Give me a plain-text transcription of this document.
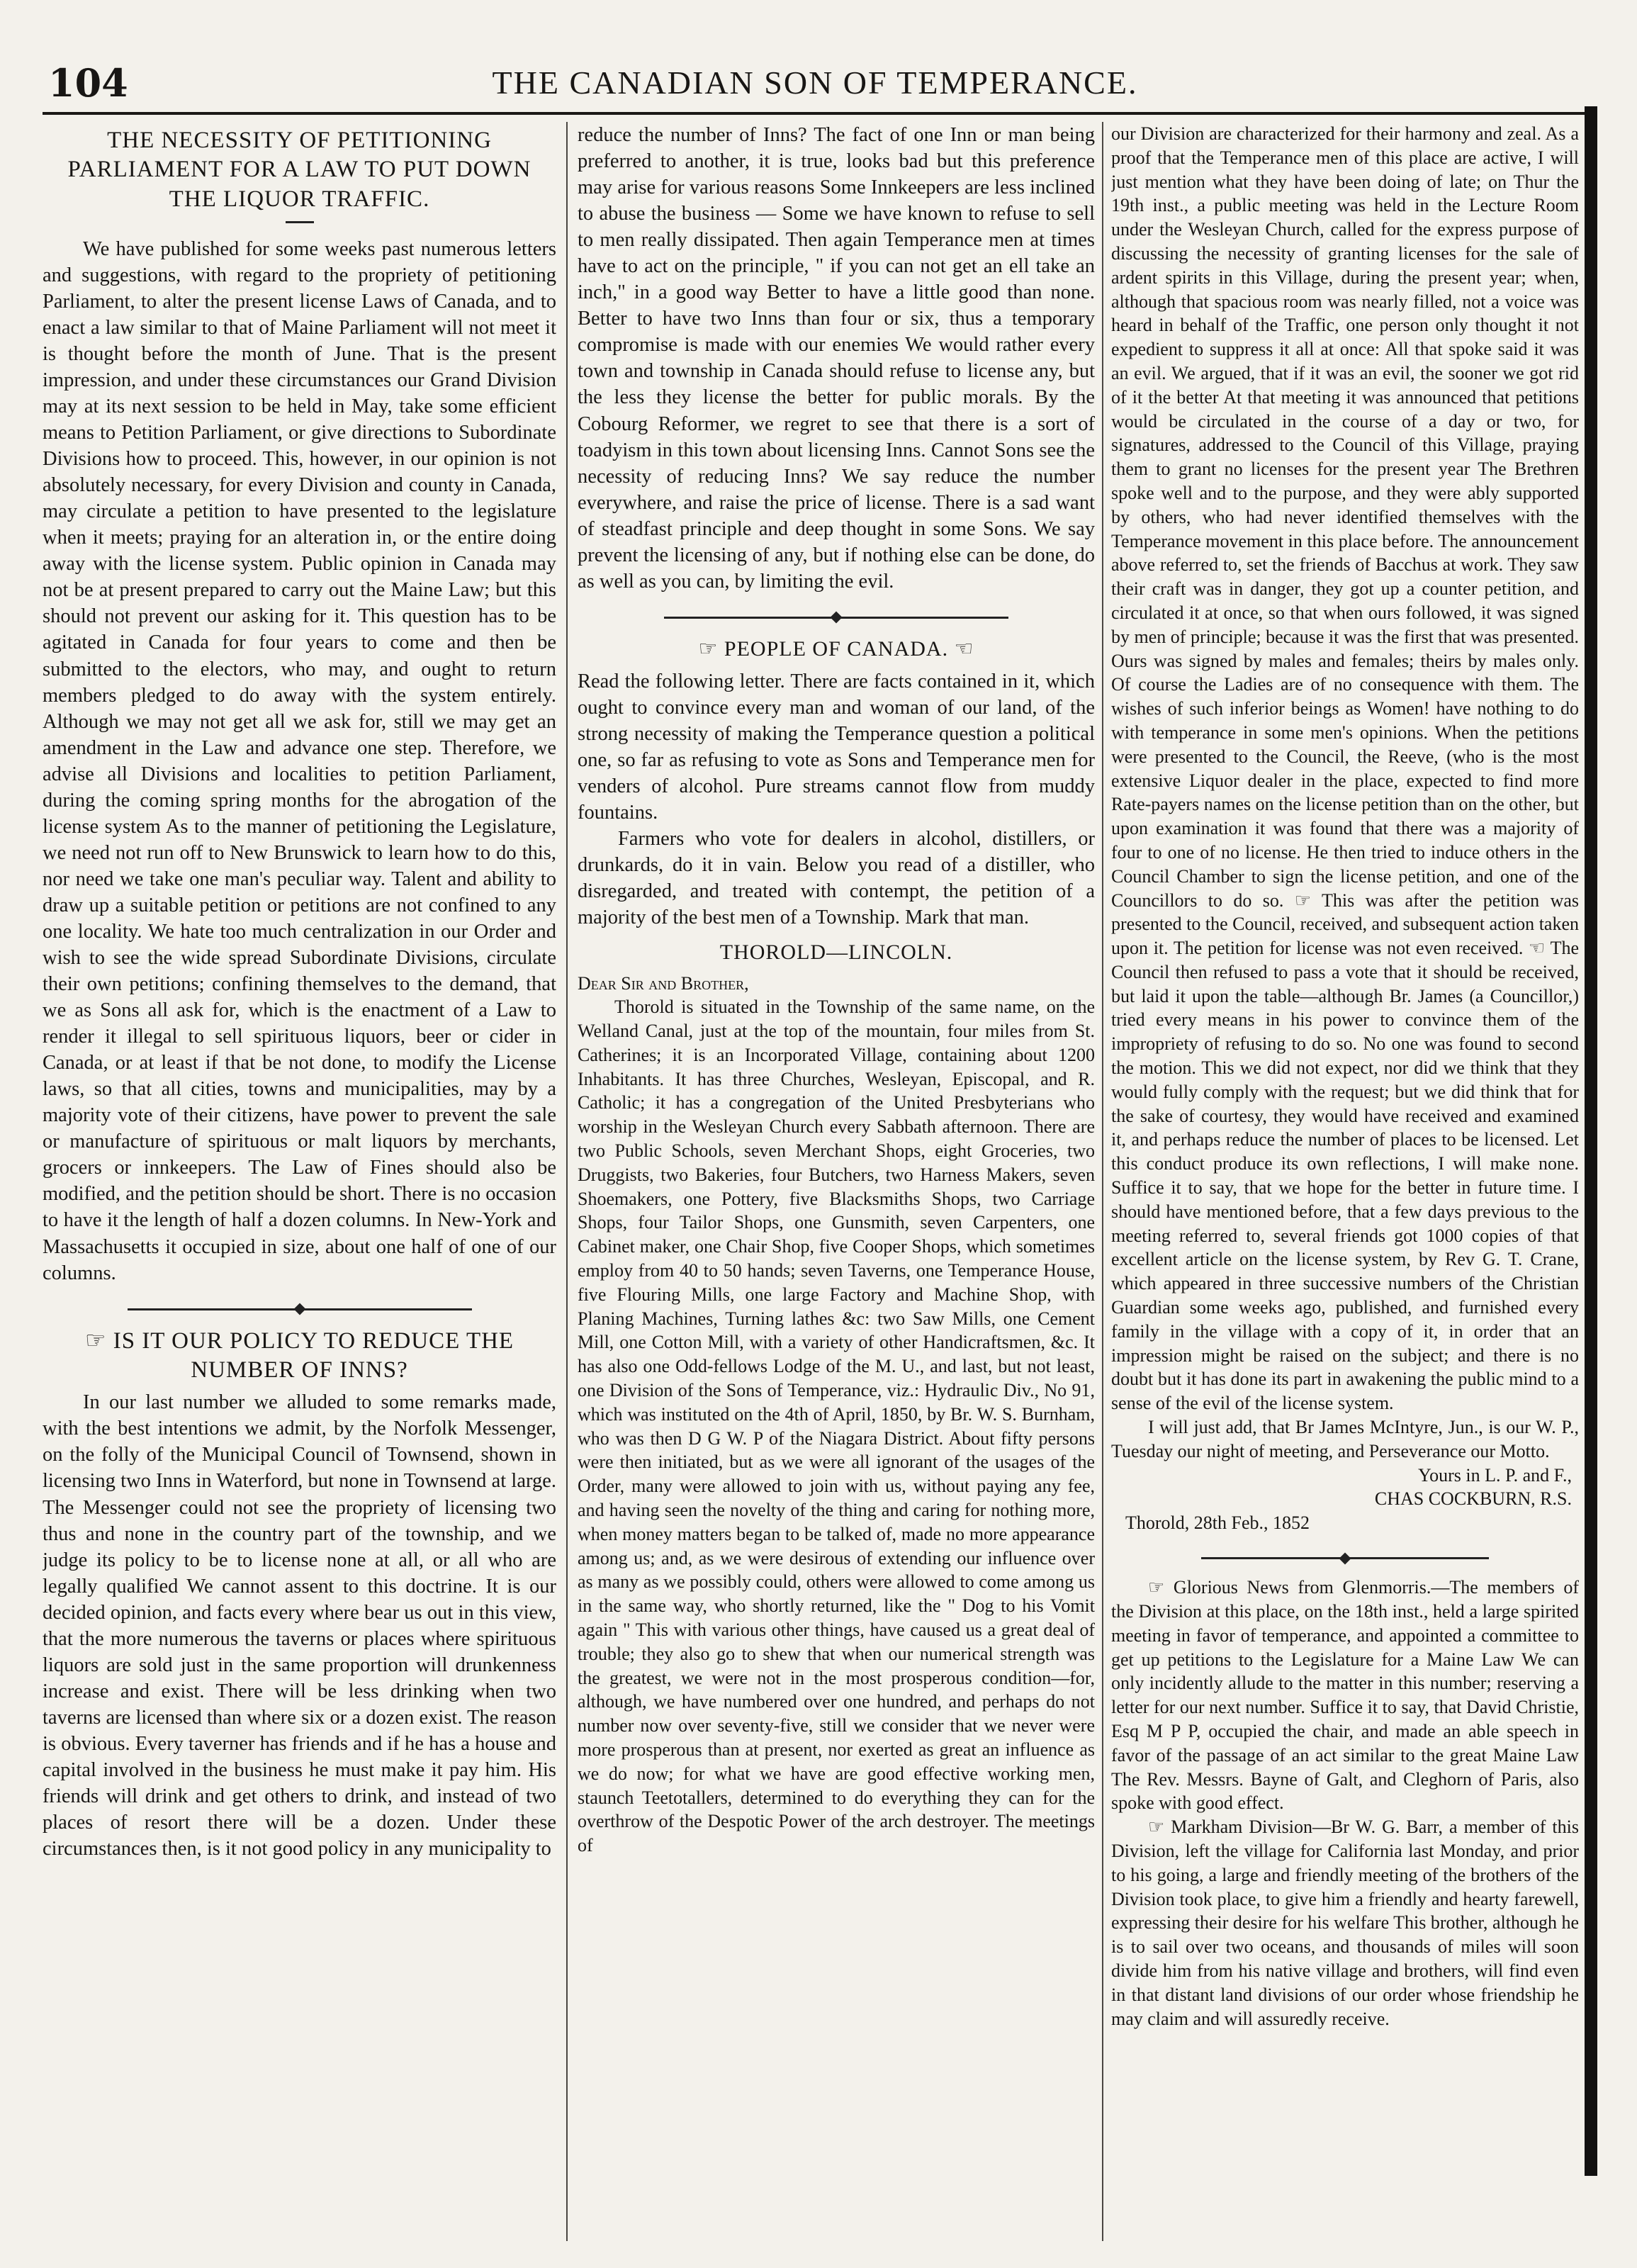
104	THE CANADIAN SON OF TEMPERANCE.
THE NECESSITY OF PETITIONING PARLIAMENT FOR A LAW TO PUT DOWN THE LIQUOR TRAFFIC.

We have published for some weeks past numerous letters and suggestions, with regard to the propriety of petitioning Parliament, to alter the present license Laws of Canada, and to enact a law similar to that of Maine Parliament will not meet it is thought before the month of June. That is the present impression, and under these circumstances our Grand Division may at its next session to be held in May, take some efficient means to Petition Parliament, or give directions to Subordinate Divisions how to proceed. This, however, in our opinion is not absolutely necessary, for every Division and county in Canada, may circulate a petition to have presented to the legislature when it meets; praying for an alteration in, or the entire doing away with the license system. Public opinion in Canada may not be at present prepared to carry out the Maine Law; but this should not prevent our asking for it. This question has to be agitated in Canada for four years to come and then be submitted to the electors, who may, and ought to return members pledged to do away with the system entirely. Although we may not get all we ask for, still we may get an amendment in the Law and advance one step. Therefore, we advise all Divisions and localities to petition Parliament, during the coming spring months for the abrogation of the license system As to the manner of petitioning the Legislature, we need not run off to New Brunswick to learn how to do this, nor need we take one man's peculiar way. Talent and ability to draw up a suitable petition or petitions are not confined to any one locality. We hate too much centralization in our Order and wish to see the wide spread Subordinate Divisions, circulate their own petitions; confining themselves to the demand, that we as Sons all ask for, which is the enactment of a Law to render it illegal to sell spirituous liquors, beer or cider in Canada, or at least if that be not done, to modify the License laws, so that all cities, towns and municipalities, may by a majority vote of their citizens, have power to prevent the sale or manufacture of spirituous or malt liquors by merchants, grocers or innkeepers. The Law of Fines should also be modified, and the petition should be short. There is no occasion to have it the length of half a dozen columns. In New-York and Massachusetts it occupied in size, about one half of one of our columns.

☞ IS IT OUR POLICY TO REDUCE THE NUMBER OF INNS?

In our last number we alluded to some remarks made, with the best intentions we admit, by the Norfolk Messenger, on the folly of the Municipal Council of Townsend, shown in licensing two Inns in Waterford, but none in Townsend at large. The Messenger could not see the propriety of licensing two thus and none in the country part of the township, and we judge its policy to be to license none at all, or all who are legally qualified We cannot assent to this doctrine. It is our decided opinion, and facts every where bear us out in this view, that the more numerous the taverns or places where spirituous liquors are sold just in the same proportion will drunkenness increase and exist. There will be less drinking when two taverns are licensed than where six or a dozen exist. The reason is obvious. Every taverner has friends and if he has a house and capital involved in the business he must make it pay him. His friends will drink and get others to drink, and instead of two places of resort there will be a dozen. Under these circumstances then, is it not good policy in any municipality to

reduce the number of Inns? The fact of one Inn or man being preferred to another, it is true, looks bad but this preference may arise for various reasons Some Innkeepers are less inclined to abuse the business — Some we have known to refuse to sell to men really dissipated. Then again Temperance men at times have to act on the principle, " if you can not get an ell take an inch," in a good way Better to have a little good than none. Better to have two Inns than four or six, thus a temporary compromise is made with our enemies We would rather every town and township in Canada should refuse to license any, but the less they license the better for public morals. By the Cobourg Reformer, we regret to see that there is a sort of toadyism in this town about licensing Inns. Cannot Sons see the necessity of reducing Inns? We say reduce the number everywhere, and raise the price of license. There is a sad want of steadfast principle and deep thought in some Sons. We say prevent the licensing of any, but if nothing else can be done, do as well as you can, by limiting the evil.

☞ PEOPLE OF CANADA. ☜

Read the following letter. There are facts contained in it, which ought to convince every man and woman of our land, of the strong necessity of making the Temperance question a political one, so far as refusing to vote as Sons and Temperance men for venders of alcohol. Pure streams cannot flow from muddy fountains.

Farmers who vote for dealers in alcohol, distillers, or drunkards, do it in vain. Below you read of a distiller, who disregarded, and treated with contempt, the petition of a majority of the best men of a Township. Mark that man.

THOROLD—LINCOLN.

Dear Sir and Brother,

Thorold is situated in the Township of the same name, on the Welland Canal, just at the top of the mountain, four miles from St. Catherines; it is an Incorporated Village, containing about 1200 Inhabitants. It has three Churches, Wesleyan, Episcopal, and R. Catholic; it has a congregation of the United Presbyterians who worship in the Wesleyan Church every Sabbath afternoon. There are two Public Schools, seven Merchant Shops, eight Groceries, two Druggists, two Bakeries, four Butchers, two Harness Makers, seven Shoemakers, one Pottery, five Blacksmiths Shops, two Carriage Shops, four Tailor Shops, one Gunsmith, seven Carpenters, one Cabinet maker, one Chair Shop, five Cooper Shops, which sometimes employ from 40 to 50 hands; seven Taverns, one Temperance House, five Flouring Mills, one large Factory and Machine Shop, with Planing Machines, Turning lathes &c: two Saw Mills, one Cement Mill, one Cotton Mill, with a variety of other Handicraftsmen, &c. It has also one Odd-fellows Lodge of the M. U., and last, but not least, one Division of the Sons of Temperance, viz.: Hydraulic Div., No 91, which was instituted on the 4th of April, 1850, by Br. W. S. Burnham, who was then D G W. P of the Niagara District. About fifty persons were then initiated, but as we were all ignorant of the usages of the Order, many were allowed to join with us, without paying any fee, and having seen the novelty of the thing and caring for nothing more, when money matters began to be talked of, made no more appearance among us; and, as we were desirous of extending our influence over as many as we possibly could, others were allowed to come among us in the same way, who shortly returned, like the " Dog to his Vomit again " This with various other things, have caused us a great deal of trouble; they also go to shew that when our numerical strength was the greatest, we were not in the most prosperous condition—for, although, we have numbered over one hundred, and perhaps do not number now over seventy-five, still we consider that we never were more prosperous than at present, nor exerted as great an influence as we do now; for what we have are good effective working men, staunch Teetotallers, determined to do everything they can for the overthrow of the Despotic Power of the arch destroyer. The meetings of

our Division are characterized for their harmony and zeal. As a proof that the Temperance men of this place are active, I will just mention what they have been doing of late; on Thur the 19th inst., a public meeting was held in the Lecture Room under the Wesleyan Church, called for the express purpose of discussing the necessity of granting licenses for the sale of ardent spirits in this Village, during the present year; when, although that spacious room was nearly filled, not a voice was heard in behalf of the Traffic, one person only thought it not expedient to suppress it all at once: All that spoke said it was an evil. We argued, that if it was an evil, the sooner we got rid of it the better At that meeting it was announced that petitions would be circulated in the course of a day or two, for signatures, addressed to the Council of this Village, praying them to grant no licenses for the present year The Brethren spoke well and to the purpose, and they were ably supported by others, who had never identified themselves with the Temperance movement in this place before. The announcement above referred to, set the friends of Bacchus at work. They saw their craft was in danger, they got up a counter petition, and circulated it at once, so that when ours followed, it was signed by men of principle; because it was the first that was presented. Ours was signed by males and females; theirs by males only. Of course the Ladies are of no consequence with them. The wishes of such inferior beings as Women! have nothing to do with temperance in some men's opinions. When the petitions were presented to the Council, the Reeve, (who is the most extensive Liquor dealer in the place, expected to find more Rate-payers names on the license petition than on the other, but upon examination it was found that there was a majority of four to one of no license. He then tried to induce others in the Council Chamber to sign the license petition, and one of the Councillors to do so. ☞ This was after the petition was presented to the Council, received, and subsequent action taken upon it. The petition for license was not even received. ☜ The Council then refused to pass a vote that it should be received, but laid it upon the table—although Br. James (a Councillor,) tried every means in his power to convince them of the impropriety of refusing to do so. No one was found to second the motion. This we did not expect, nor did we think that they would fully comply with the request; but we did think that for the sake of courtesy, they would have received and examined it, and perhaps reduce the number of places to be licensed. Let this conduct produce its own reflections, I will make none. Suffice it to say, that we hope for the better in future time. I should have mentioned before, that a few days previous to the meeting referred to, several friends got 1000 copies of that excellent article on the license system, by Rev G. T. Crane, which appeared in three successive numbers of the Christian Guardian some weeks ago, published, and furnished every family in the village with a copy of it, in order that an impression might be raised on the subject; and there is no doubt but it has done its part in awakening the public mind to a sense of the evil of the license system.

I will just add, that Br James McIntyre, Jun., is our W. P., Tuesday our night of meeting, and Perseverance our Motto.

Yours in L. P. and F.,

CHAS COCKBURN, R.S.

Thorold, 28th Feb., 1852

☞ Glorious News from Glenmorris.—The members of the Division at this place, on the 18th inst., held a large spirited meeting in favor of temperance, and appointed a committee to get up petitions to the Legislature for a Maine Law We can only incidently allude to the matter in this number; reserving a letter for our next number. Suffice it to say, that David Christie, Esq M P P, occupied the chair, and made an able speech in favor of the passage of an act similar to the great Maine Law The Rev. Messrs. Bayne of Galt, and Cleghorn of Paris, also spoke with good effect.

☞ Markham Division—Br W. G. Barr, a member of this Division, left the village for California last Monday, and prior to his going, a large and friendly meeting of the brothers of the Division took place, to give him a friendly and hearty farewell, expressing their desire for his welfare This brother, although he is to sail over two oceans, and thousands of miles will soon divide him from his native village and brothers, will find even in that distant land divisions of our order whose friendship he may claim and will assuredly receive.
